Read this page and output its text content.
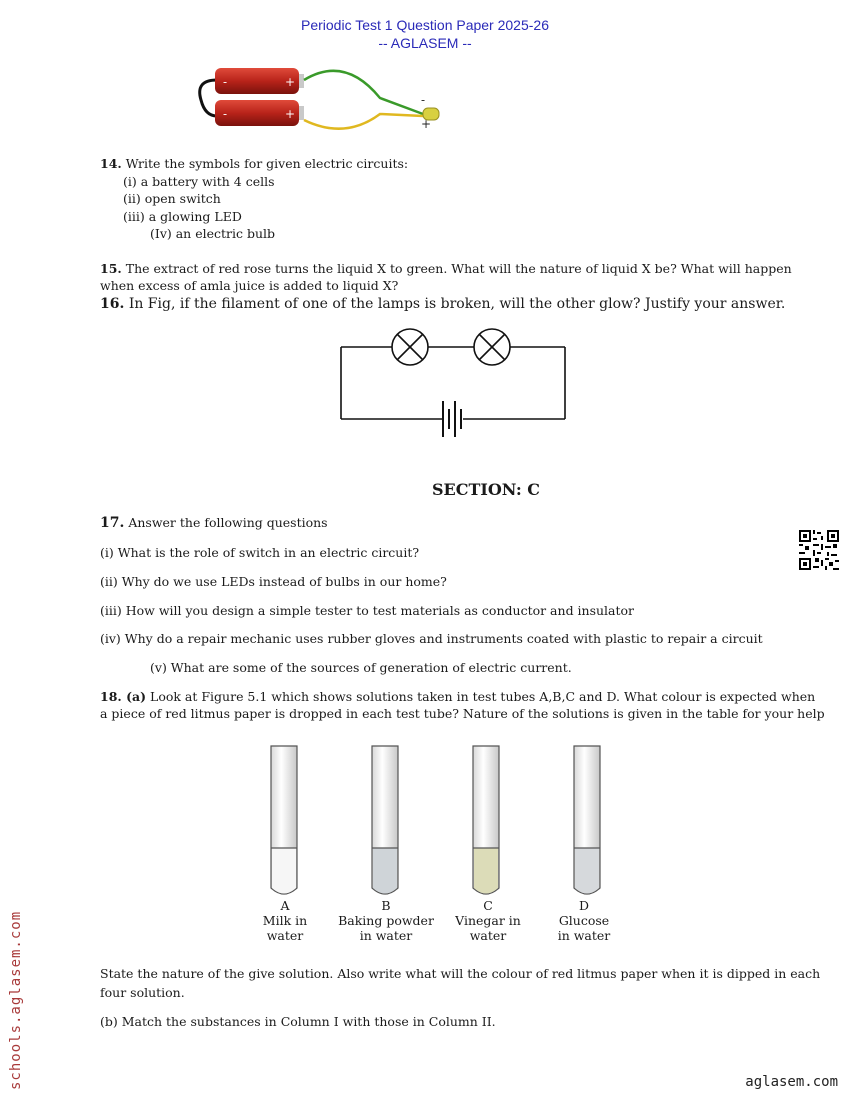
Periodic Test 1 Question Paper 2025-26
-- AGLASEM --
-	+
-	+
-
+
14. Write the symbols for given electric circuits:
(i) a battery with 4 cells
(ii) open switch
(iii) a glowing LED
(Iv) an electric bulb
15. The extract of red rose turns the liquid X to green. What will the nature of liquid X be? What will happen
when excess of amla juice is added to liquid X?
16. In Fig, if the filament of one of the lamps is broken, will the other glow? Justify your answer.
SECTION: C
17. Answer the following questions
(i) What is the role of switch in an electric circuit?
(ii) Why do we use LEDs instead of bulbs in our home?
(iii) How will you design a simple tester to test materials as conductor and insulator
(iv) Why do a repair mechanic uses rubber gloves and instruments coated with plastic to repair a circuit
(v) What are some of the sources of generation of electric current.
18. (a) Look at Figure 5.1 which shows solutions taken in test tubes A,B,C and D. What colour is expected when
a piece of red litmus paper is dropped in each test tube? Nature of the solutions is given in the table for your help
A
Milk in
water
B
Baking powder
in water
C
Vinegar in
water
D
Glucose
in water
State the nature of the give solution. Also write what will the colour of red litmus paper when it is dipped in each
four solution.
(b) Match the substances in Column I with those in Column II.
schools.aglasem.com	aglasem.com
